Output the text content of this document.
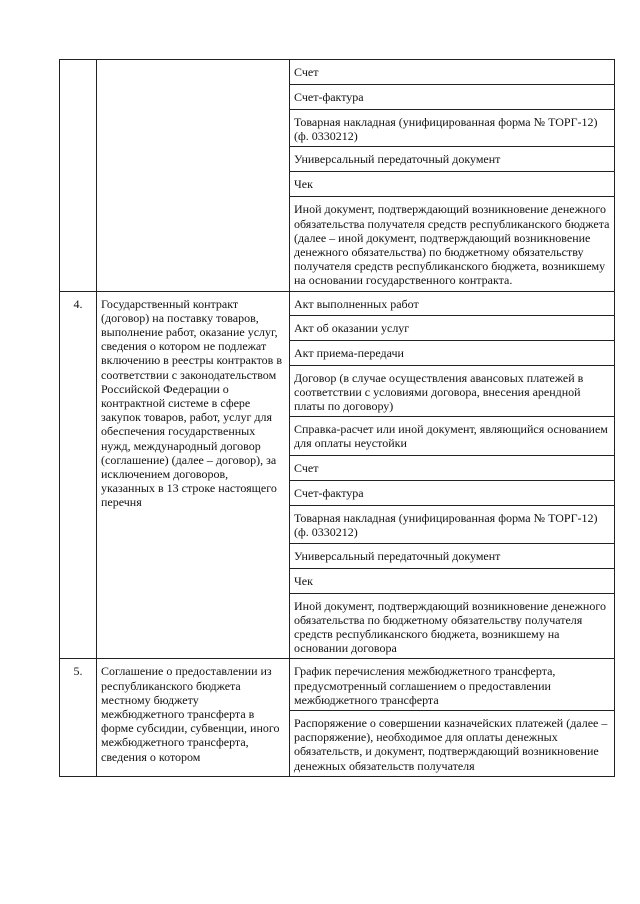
		Счет
		Счет-фактура
		Товарная накладная (унифицированная форма № ТОРГ-12) (ф. 0330212)
		Универсальный передаточный документ
		Чек
		Иной документ, подтверждающий возникновение денежного обязательства получателя средств республиканского бюджета (далее – иной документ, подтверждающий возникновение денежного обязательства) по бюджетному обязательству получателя средств республиканского бюджета, возникшему на основании государственного контракта.
4.	Государственный контракт (договор) на поставку товаров, выполнение работ, оказание услуг, сведения о котором не подлежат включению в реестры контрактов в соответствии с законодательством Российской Федерации о контрактной системе в сфере закупок товаров, работ, услуг для обеспечения государственных нужд, международный договор (соглашение) (далее – договор), за исключением договоров, указанных в 13 строке настоящего перечня	Акт выполненных работ
		Акт об оказании услуг
		Акт приема-передачи
		Договор (в случае осуществления авансовых платежей в соответствии с условиями договора, внесения арендной платы по договору)
		Справка-расчет или иной документ, являющийся основанием для оплаты неустойки
		Счет
		Счет-фактура
		Товарная накладная (унифицированная форма № ТОРГ-12) (ф. 0330212)
		Универсальный передаточный документ
		Чек
		Иной документ, подтверждающий возникновение денежного обязательства по бюджетному обязательству получателя средств республиканского бюджета, возникшему на основании договора
5.	Соглашение о предоставлении из республиканского бюджета местному бюджету межбюджетного трансферта в форме субсидии, субвенции, иного межбюджетного трансферта, сведения о котором	График перечисления межбюджетного трансферта, предусмотренный соглашением о предоставлении межбюджетного трансферта
		Распоряжение о совершении казначейских платежей (далее – распоряжение), необходимое для оплаты денежных обязательств, и документ, подтверждающий возникновение денежных обязательств получателя
